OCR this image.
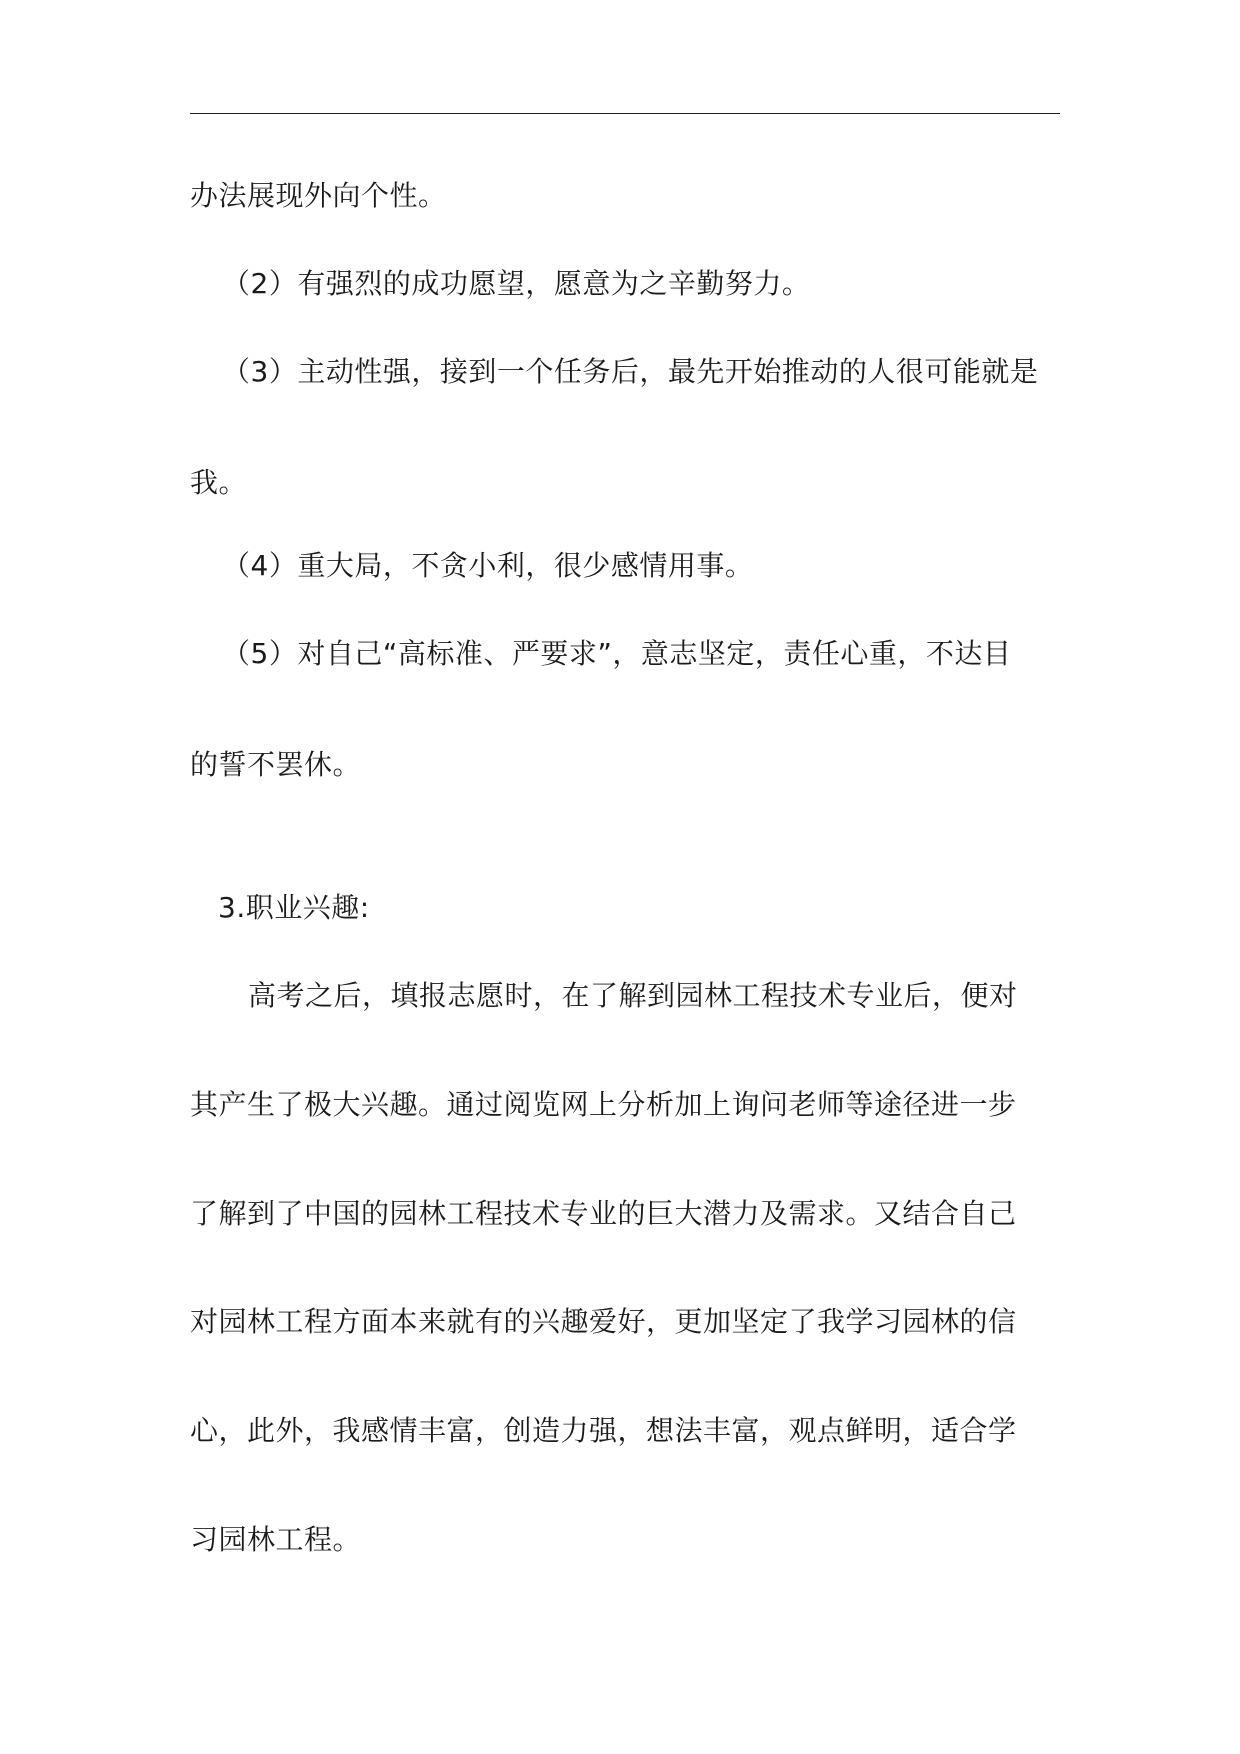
办法展现外向个性。
（2）有强烈的成功愿望，愿意为之辛勤努力。
（3）主动性强，接到一个任务后，最先开始推动的人很可能就是
我。
（4）重大局，不贪小利，很少感情用事。
（5）对自己“高标准、严要求”，意志坚定，责任心重，不达目
的誓不罢休。
3.职业兴趣:
高考之后，填报志愿时，在了解到园林工程技术专业后，便对
其产生了极大兴趣。通过阅览网上分析加上询问老师等途径进一步
了解到了中国的园林工程技术专业的巨大潜力及需求。又结合自己
对园林工程方面本来就有的兴趣爱好，更加坚定了我学习园林的信
心，此外，我感情丰富，创造力强，想法丰富，观点鲜明，适合学
习园林工程。
